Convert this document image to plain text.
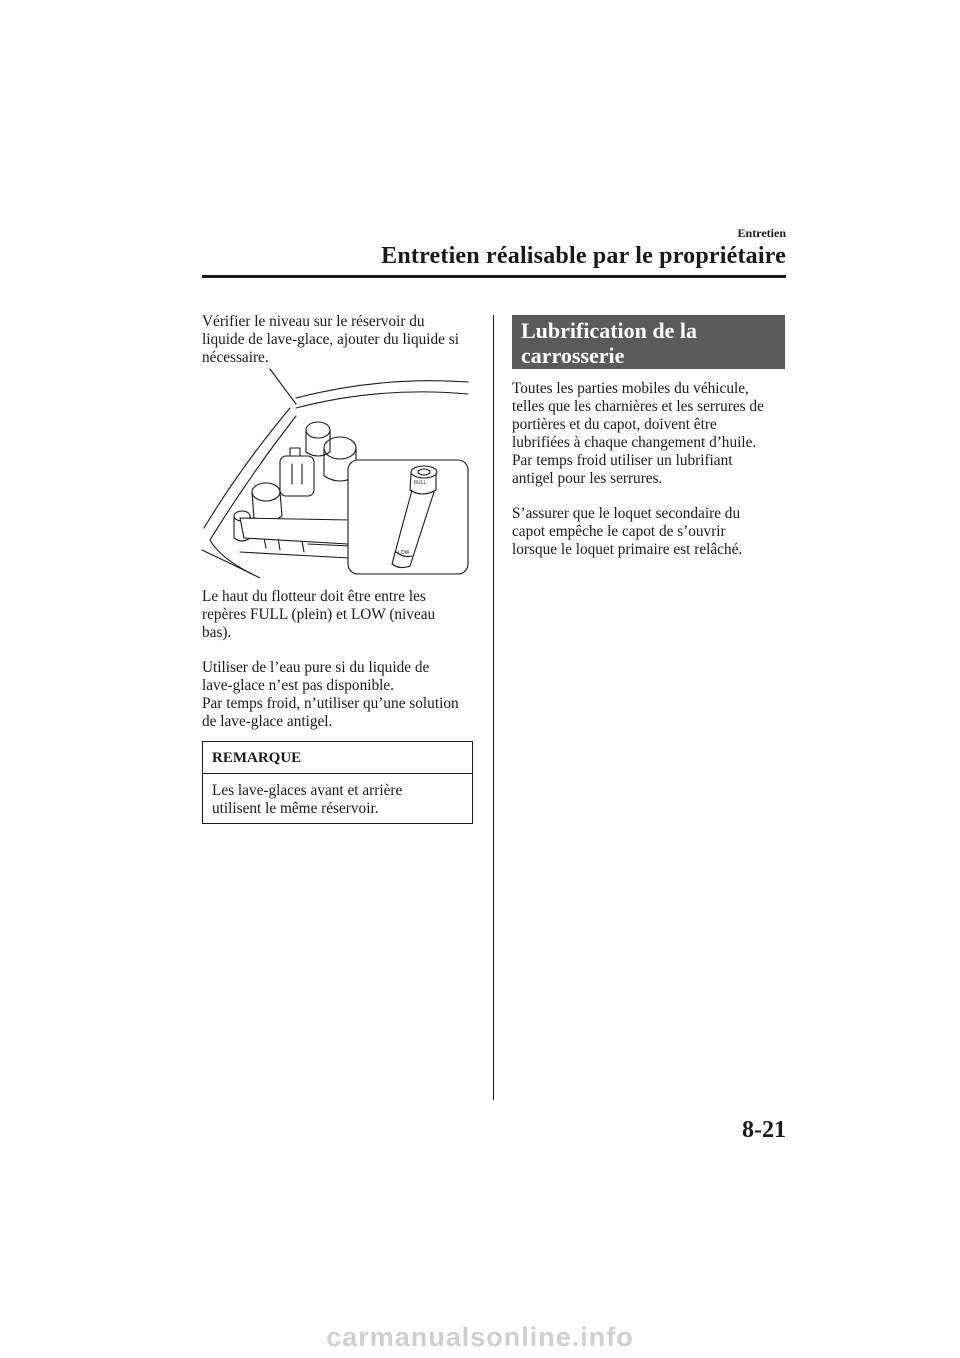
Entretien
Entretien réalisable par le propriétaire

Vérifier le niveau sur le réservoir du
liquide de lave-glace, ajouter du liquide si
nécessaire.

FULL
LOW

Le haut du flotteur doit être entre les
repères FULL (plein) et LOW (niveau
bas).

Utiliser de l’eau pure si du liquide de
lave-glace n’est pas disponible.
Par temps froid, n’utiliser qu’une solution
de lave-glace antigel.

REMARQUE

Les lave-glaces avant et arrière
utilisent le même réservoir.

Lubrification de la
carrosserie

Toutes les parties mobiles du véhicule,
telles que les charnières et les serrures de
portières et du capot, doivent être
lubrifiées à chaque changement d’huile.
Par temps froid utiliser un lubrifiant
antigel pour les serrures.

S’assurer que le loquet secondaire du
capot empêche le capot de s’ouvrir
lorsque le loquet primaire est relâché.

8-21
carmanualsonline.info
